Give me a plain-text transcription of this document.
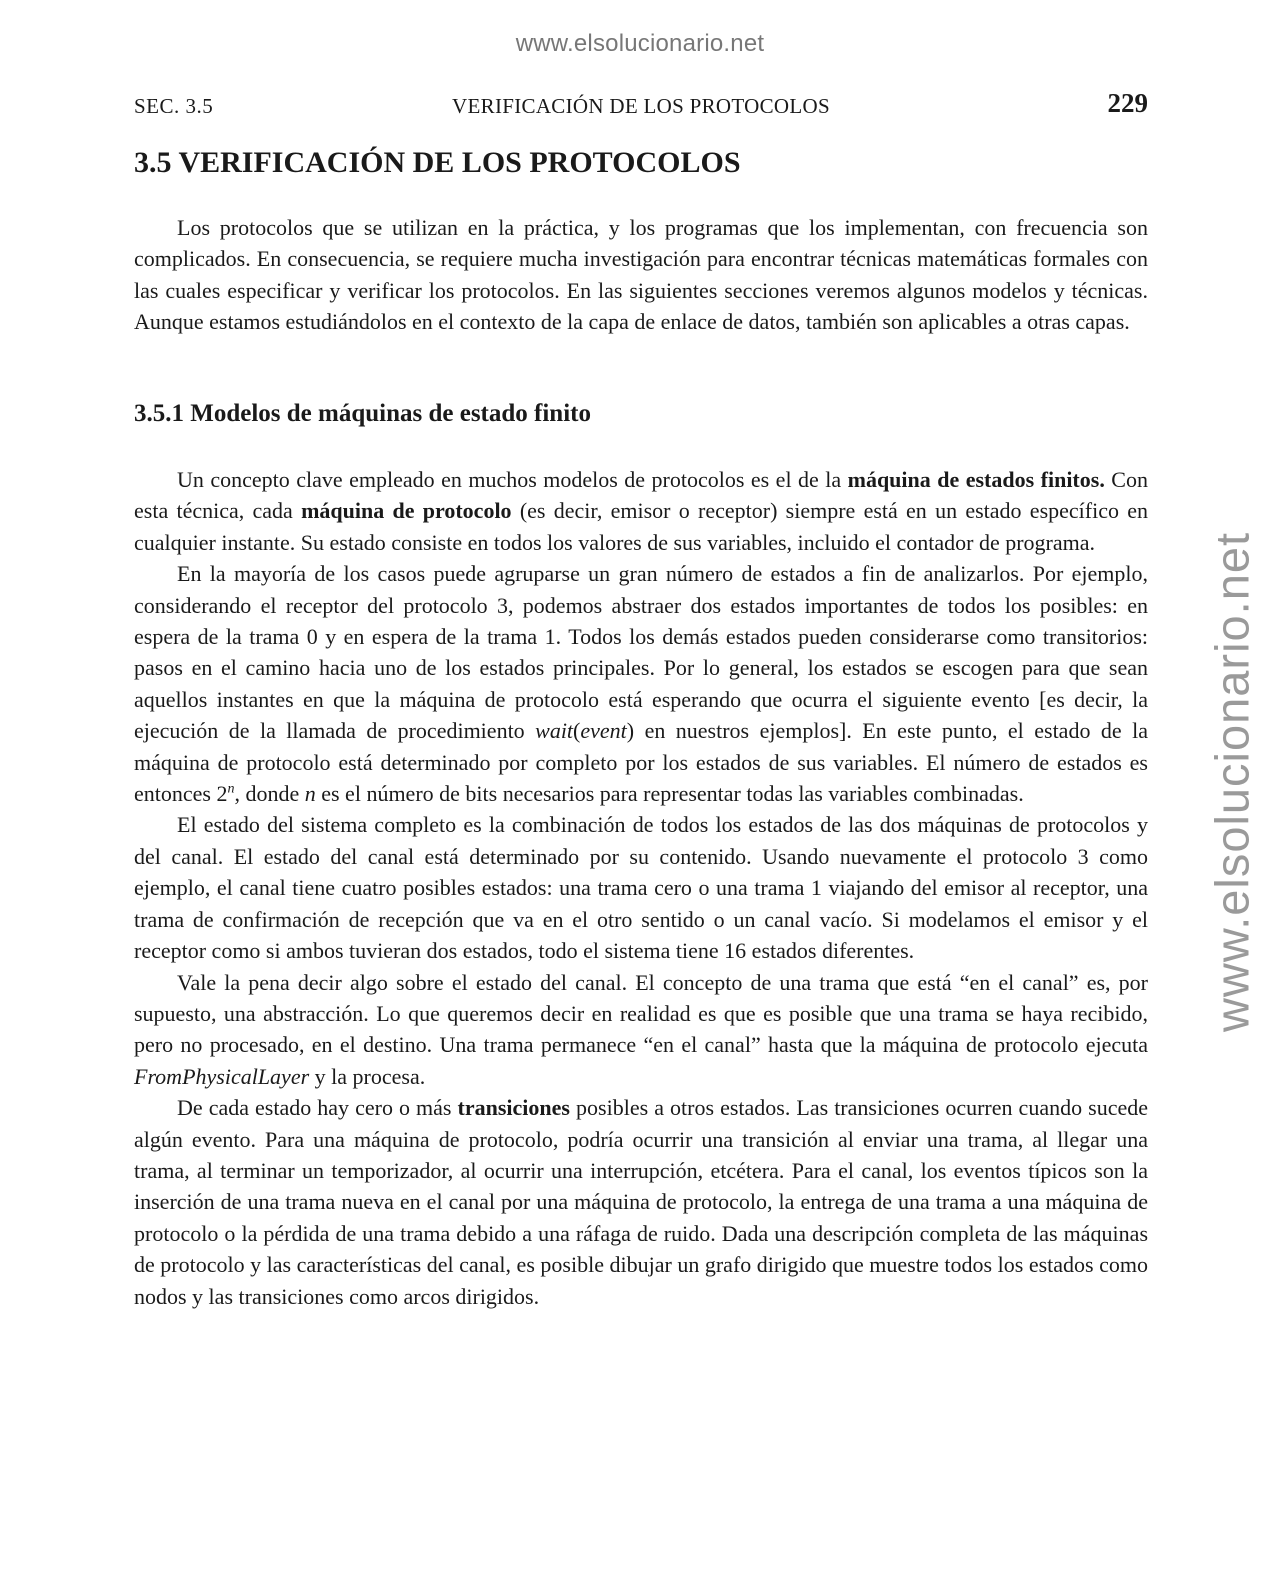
www.elsolucionario.net
www.elsolucionario.net
SEC. 3.5	VERIFICACIÓN DE LOS PROTOCOLOS	229
3.5 VERIFICACIÓN DE LOS PROTOCOLOS

Los protocolos que se utilizan en la práctica, y los programas que los implementan, con frecuencia son complicados. En consecuencia, se requiere mucha investigación para encontrar técnicas matemáticas formales con las cuales especificar y verificar los protocolos. En las siguientes secciones veremos algunos modelos y técnicas. Aunque estamos estudiándolos en el contexto de la capa de enlace de datos, también son aplicables a otras capas.

3.5.1 Modelos de máquinas de estado finito

Un concepto clave empleado en muchos modelos de protocolos es el de la máquina de estados finitos. Con esta técnica, cada máquina de protocolo (es decir, emisor o receptor) siempre está en un estado específico en cualquier instante. Su estado consiste en todos los valores de sus variables, incluido el contador de programa.

En la mayoría de los casos puede agruparse un gran número de estados a fin de analizarlos. Por ejemplo, considerando el receptor del protocolo 3, podemos abstraer dos estados importantes de todos los posibles: en espera de la trama 0 y en espera de la trama 1. Todos los demás estados pueden considerarse como transitorios: pasos en el camino hacia uno de los estados principales. Por lo general, los estados se escogen para que sean aquellos instantes en que la máquina de protocolo está esperando que ocurra el siguiente evento [es decir, la ejecución de la llamada de procedimiento wait(event) en nuestros ejemplos]. En este punto, el estado de la máquina de protocolo está determinado por completo por los estados de sus variables. El número de estados es entonces 2$^n$, donde n es el número de bits necesarios para representar todas las variables combinadas.

El estado del sistema completo es la combinación de todos los estados de las dos máquinas de protocolos y del canal. El estado del canal está determinado por su contenido. Usando nuevamente el protocolo 3 como ejemplo, el canal tiene cuatro posibles estados: una trama cero o una trama 1 viajando del emisor al receptor, una trama de confirmación de recepción que va en el otro sentido o un canal vacío. Si modelamos el emisor y el receptor como si ambos tuvieran dos estados, todo el sistema tiene 16 estados diferentes.

Vale la pena decir algo sobre el estado del canal. El concepto de una trama que está “en el canal” es, por supuesto, una abstracción. Lo que queremos decir en realidad es que es posible que una trama se haya recibido, pero no procesado, en el destino. Una trama permanece “en el canal” hasta que la máquina de protocolo ejecuta FromPhysicalLayer y la procesa.

De cada estado hay cero o más transiciones posibles a otros estados. Las transiciones ocurren cuando sucede algún evento. Para una máquina de protocolo, podría ocurrir una transición al enviar una trama, al llegar una trama, al terminar un temporizador, al ocurrir una interrupción, etcétera. Para el canal, los eventos típicos son la inserción de una trama nueva en el canal por una máquina de protocolo, la entrega de una trama a una máquina de protocolo o la pérdida de una trama debido a una ráfaga de ruido. Dada una descripción completa de las máquinas de protocolo y las características del canal, es posible dibujar un grafo dirigido que muestre todos los estados como nodos y las transiciones como arcos dirigidos.
